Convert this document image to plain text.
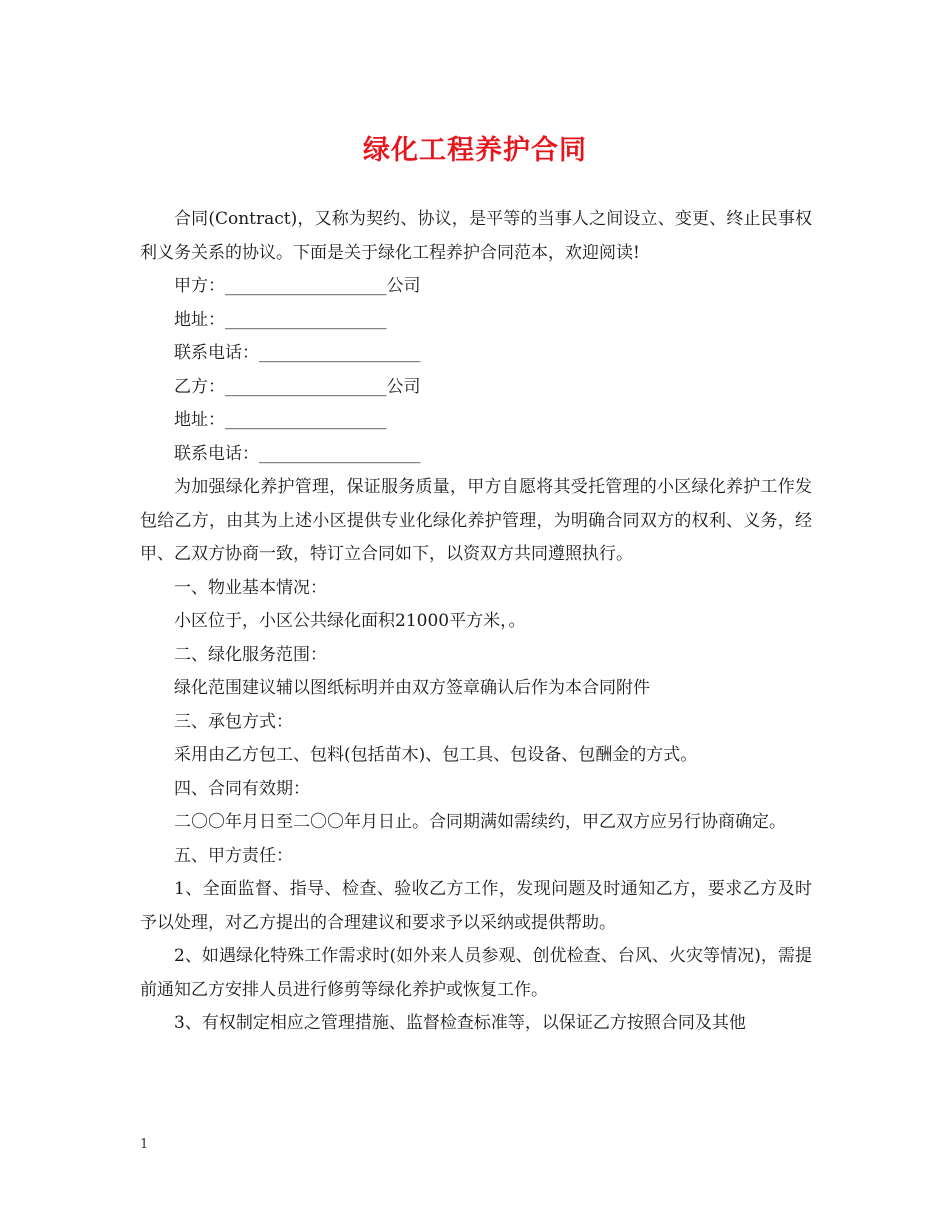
绿化工程养护合同

合同(Contract)，又称为契约、协议，是平等的当事人之间设立、变更、终止民事权利义务关系的协议。下面是关于绿化工程养护合同范本，欢迎阅读!

甲方：___________________公司

地址：___________________

联系电话：___________________

乙方：___________________公司

地址：___________________

联系电话：___________________

为加强绿化养护管理，保证服务质量，甲方自愿将其受托管理的小区绿化养护工作发包给乙方，由其为上述小区提供专业化绿化养护管理，为明确合同双方的权利、义务，经甲、乙双方协商一致，特订立合同如下，以资双方共同遵照执行。

一、物业基本情况：

小区位于，小区公共绿化面积21000平方米，。

二、绿化服务范围：

绿化范围建议辅以图纸标明并由双方签章确认后作为本合同附件

三、承包方式：

采用由乙方包工、包料(包括苗木)、包工具、包设备、包酬金的方式。

四、合同有效期：

二〇〇年月日至二〇〇年月日止。合同期满如需续约，甲乙双方应另行协商确定。

五、甲方责任：

1、全面监督、指导、检查、验收乙方工作，发现问题及时通知乙方，要求乙方及时予以处理，对乙方提出的合理建议和要求予以采纳或提供帮助。

2、如遇绿化特殊工作需求时(如外来人员参观、创优检查、台风、火灾等情况)，需提前通知乙方安排人员进行修剪等绿化养护或恢复工作。

3、有权制定相应之管理措施、监督检查标准等，以保证乙方按照合同及其他

1
